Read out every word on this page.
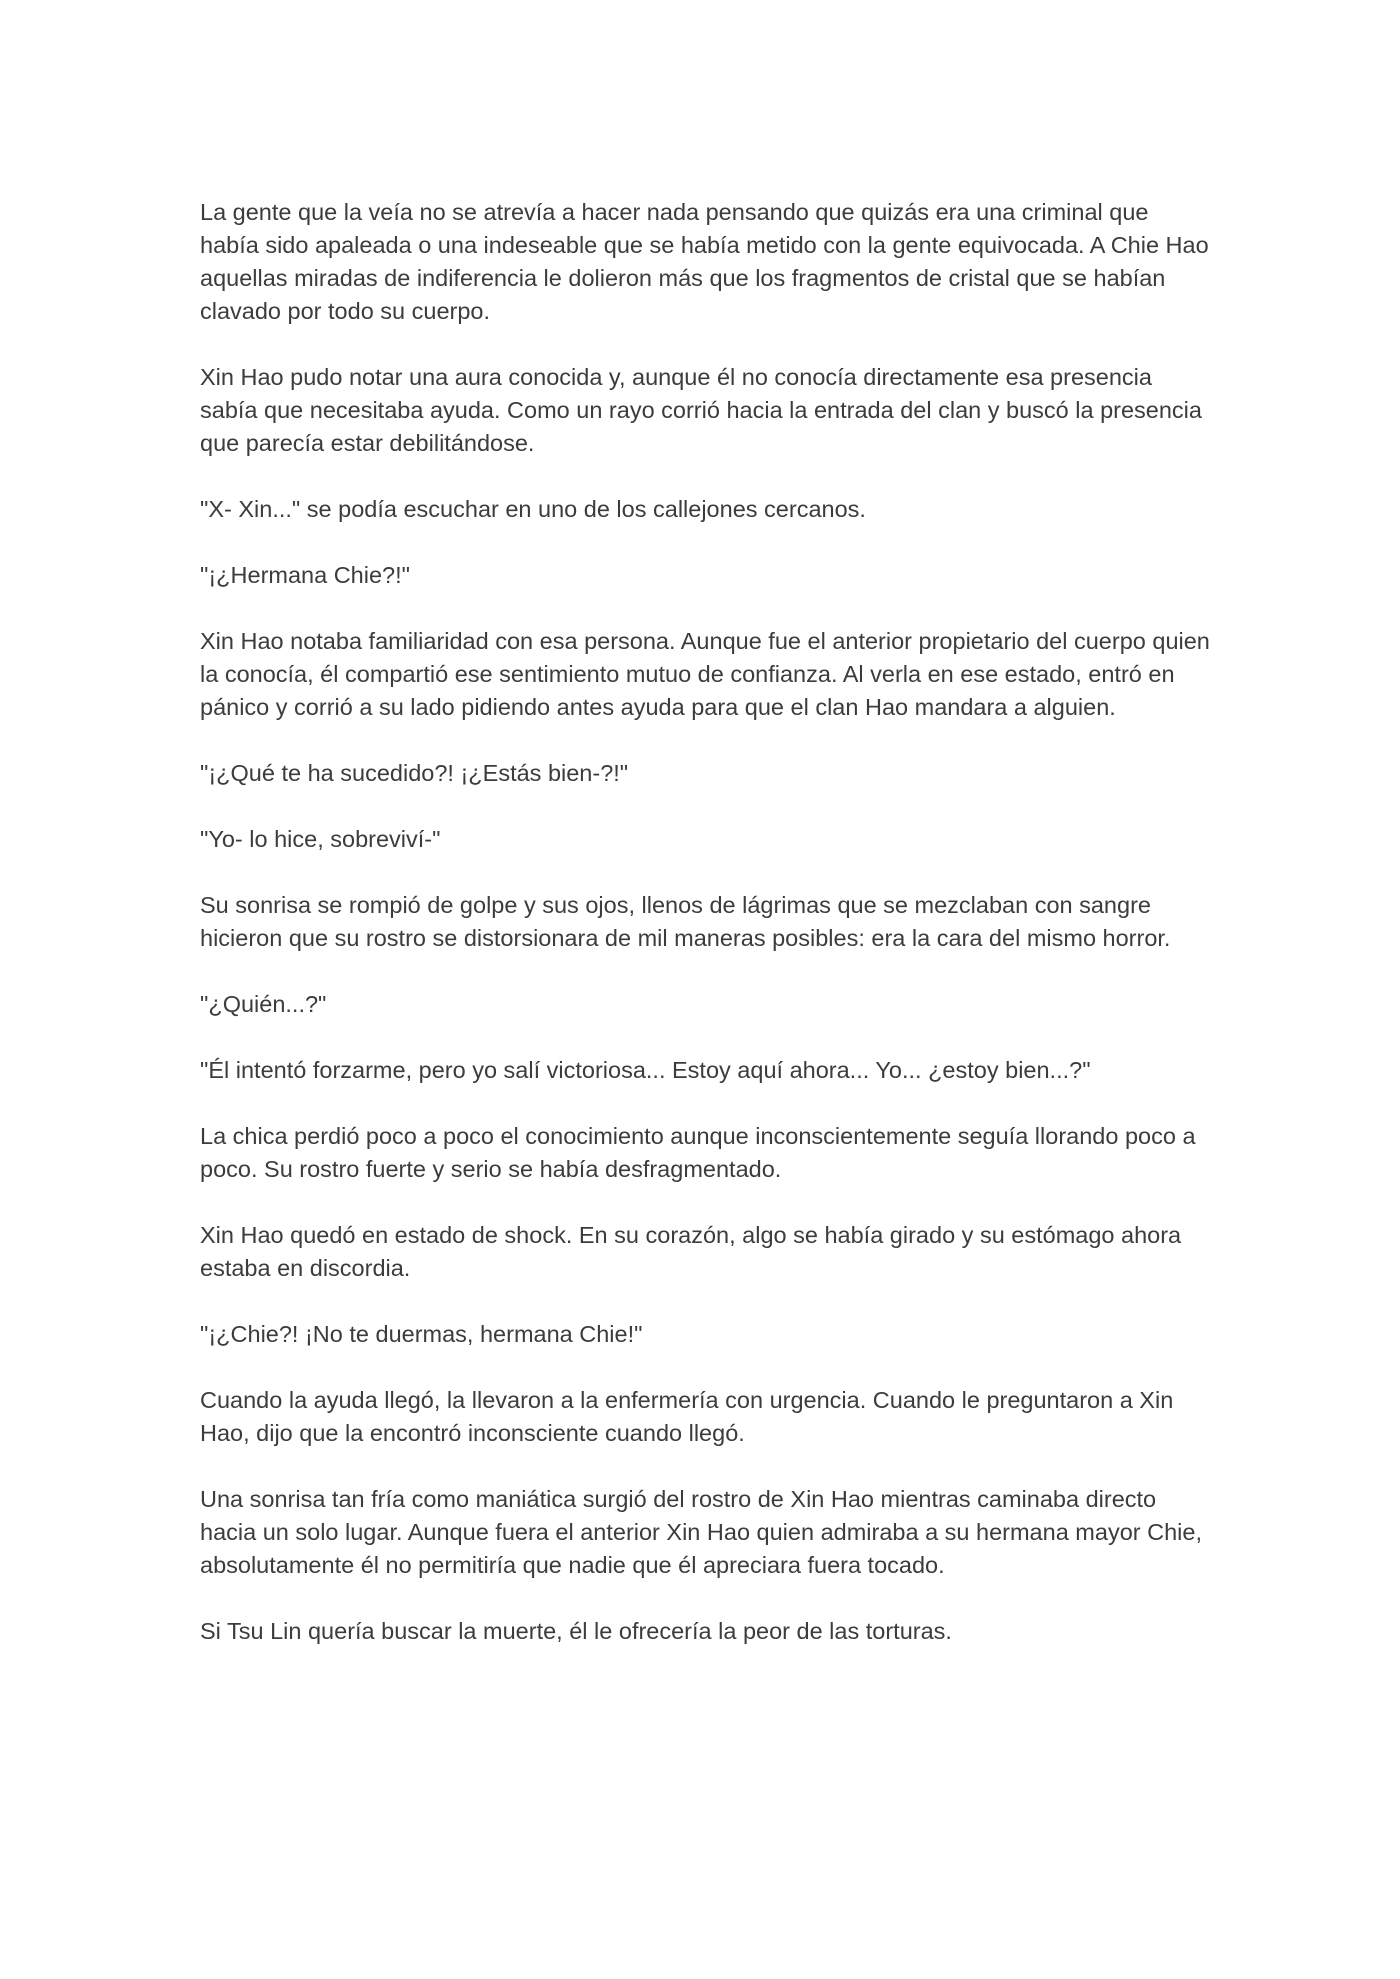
La gente que la veía no se atrevía a hacer nada pensando que quizás era una criminal que había sido apaleada o una indeseable que se había metido con la gente equivocada. A Chie Hao aquellas miradas de indiferencia le dolieron más que los fragmentos de cristal que se habían clavado por todo su cuerpo.

Xin Hao pudo notar una aura conocida y, aunque él no conocía directamente esa presencia sabía que necesitaba ayuda. Como un rayo corrió hacia la entrada del clan y buscó la presencia que parecía estar debilitándose.

"X- Xin..." se podía escuchar en uno de los callejones cercanos.

"¡¿Hermana Chie?!"

Xin Hao notaba familiaridad con esa persona. Aunque fue el anterior propietario del cuerpo quien la conocía, él compartió ese sentimiento mutuo de confianza. Al verla en ese estado, entró en pánico y corrió a su lado pidiendo antes ayuda para que el clan Hao mandara a alguien.

"¡¿Qué te ha sucedido?! ¡¿Estás bien-?!"

"Yo- lo hice, sobreviví-"

Su sonrisa se rompió de golpe y sus ojos, llenos de lágrimas que se mezclaban con sangre hicieron que su rostro se distorsionara de mil maneras posibles: era la cara del mismo horror.

"¿Quién...?"

"Él intentó forzarme, pero yo salí victoriosa... Estoy aquí ahora... Yo... ¿estoy bien...?"

La chica perdió poco a poco el conocimiento aunque inconscientemente seguía llorando poco a poco. Su rostro fuerte y serio se había desfragmentado.

Xin Hao quedó en estado de shock. En su corazón, algo se había girado y su estómago ahora estaba en discordia.

"¡¿Chie?! ¡No te duermas, hermana Chie!"

Cuando la ayuda llegó, la llevaron a la enfermería con urgencia. Cuando le preguntaron a Xin Hao, dijo que la encontró inconsciente cuando llegó.

Una sonrisa tan fría como maniática surgió del rostro de Xin Hao mientras caminaba directo hacia un solo lugar. Aunque fuera el anterior Xin Hao quien admiraba a su hermana mayor Chie, absolutamente él no permitiría que nadie que él apreciara fuera tocado.

Si Tsu Lin quería buscar la muerte, él le ofrecería la peor de las torturas.
